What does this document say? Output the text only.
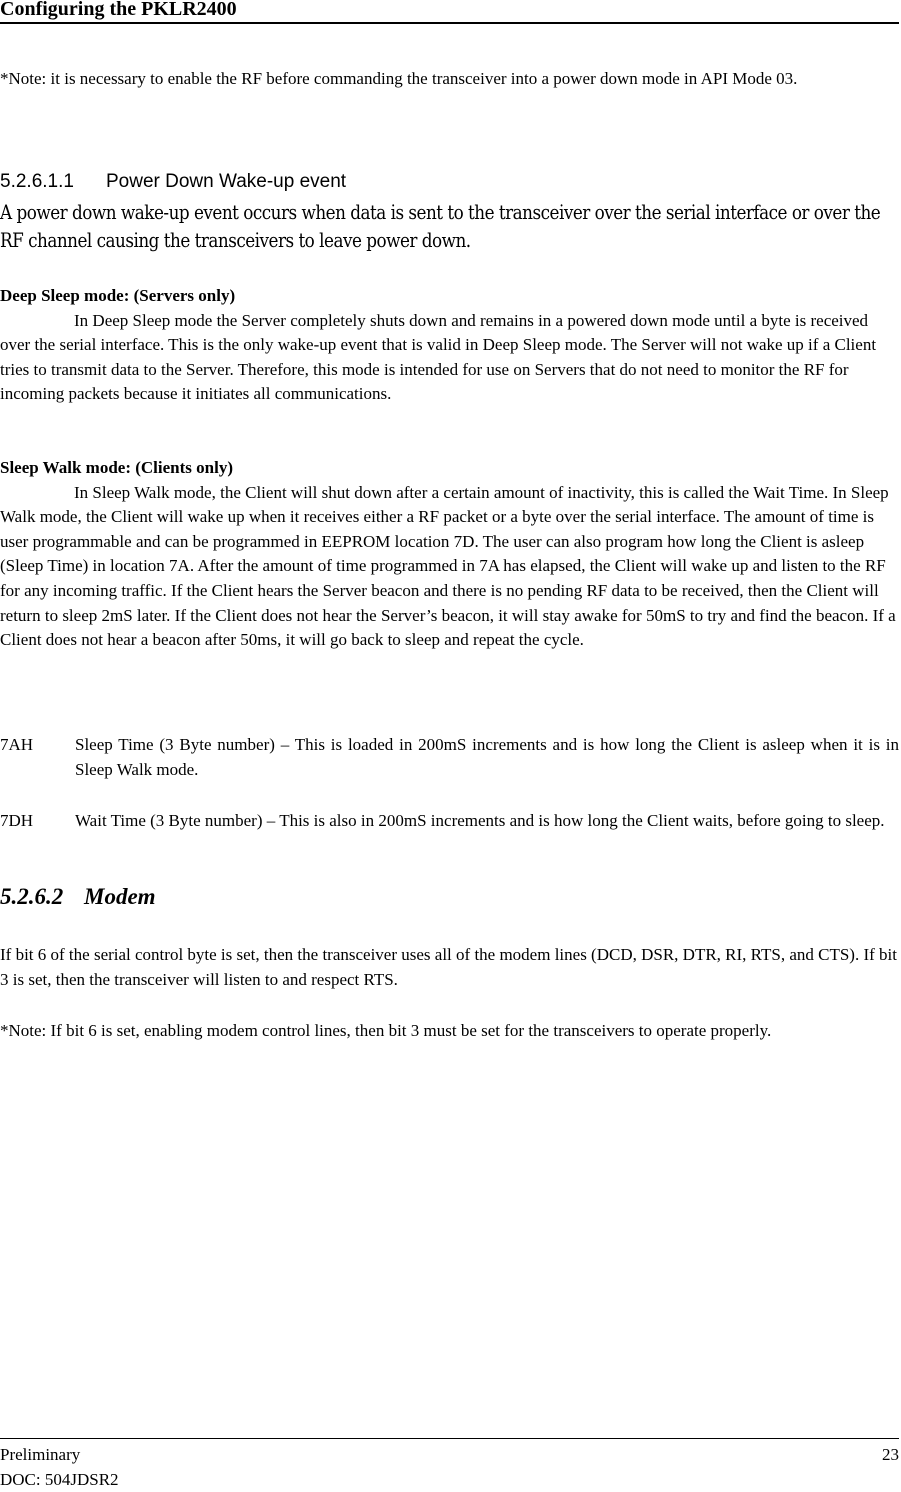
Configuring the PKLR2400
*Note: it is necessary to enable the RF before commanding the transceiver into a power down mode in API Mode 03.
5.2.6.1.1 Power Down Wake-up event
A power down wake-up event occurs when data is sent to the transceiver over the serial interface or over the RF channel causing the transceivers to leave power down.
Deep Sleep mode: (Servers only)
In Deep Sleep mode the Server completely shuts down and remains in a powered down mode until a byte is received over the serial interface. This is the only wake-up event that is valid in Deep Sleep mode. The Server will not wake up if a Client tries to transmit data to the Server. Therefore, this mode is intended for use on Servers that do not need to monitor the RF for incoming packets because it initiates all communications.
Sleep Walk mode: (Clients only)
In Sleep Walk mode, the Client will shut down after a certain amount of inactivity, this is called the Wait Time. In Sleep Walk mode, the Client will wake up when it receives either a RF packet or a byte over the serial interface. The amount of time is user programmable and can be programmed in EEPROM location 7D. The user can also program how long the Client is asleep (Sleep Time) in location 7A. After the amount of time programmed in 7A has elapsed, the Client will wake up and listen to the RF for any incoming traffic. If the Client hears the Server beacon and there is no pending RF data to be received, then the Client will return to sleep 2mS later. If the Client does not hear the Server’s beacon, it will stay awake for 50mS to try and find the beacon. If a Client does not hear a beacon after 50ms, it will go back to sleep and repeat the cycle.
7AH Sleep Time (3 Byte number) – This is loaded in 200mS increments and is how long the Client is asleep when it is in Sleep Walk mode.
7DH Wait Time (3 Byte number) – This is also in 200mS increments and is how long the Client waits, before going to sleep.
5.2.6.2 Modem
If bit 6 of the serial control byte is set, then the transceiver uses all of the modem lines (DCD, DSR, DTR, RI, RTS, and CTS). If bit 3 is set, then the transceiver will listen to and respect RTS.
*Note: If bit 6 is set, enabling modem control lines, then bit 3 must be set for the transceivers to operate properly.
Preliminary
DOC: 504JDSR2
23
